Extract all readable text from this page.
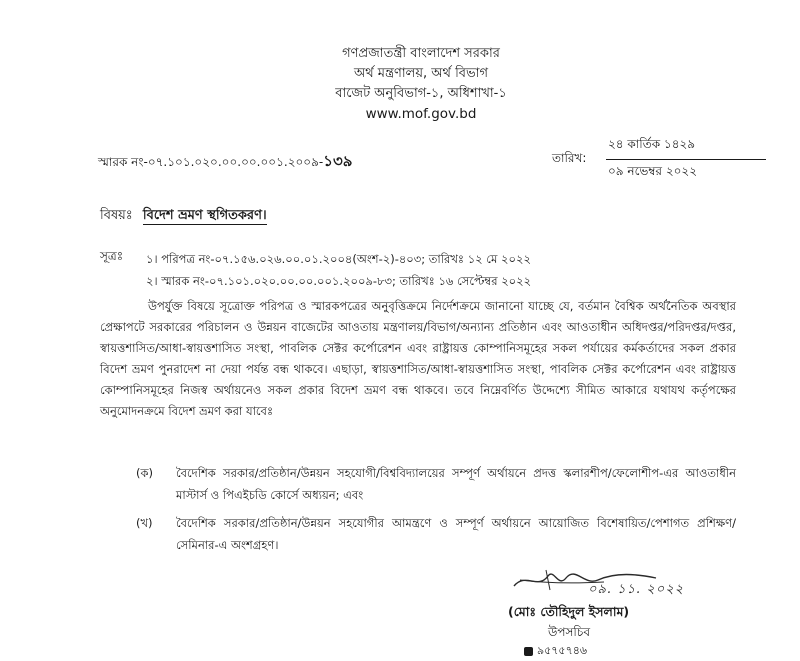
গণপ্রজাতন্ত্রী বাংলাদেশ সরকার
অর্থ মন্ত্রণালয়, অর্থ বিভাগ
বাজেট অনুবিভাগ-১, অধিশাখা-১
www.mof.gov.bd
স্মারক নং-০৭.১০১.০২০.০০.০০.০০১.২০০৯-১৩৯	তারিখ:
২৪ কার্তিক ১৪২৯
০৯ নভেম্বর ২০২২
বিষয়ঃ বিদেশ ভ্রমণ স্থগিতকরণ।
সূত্রঃ ১। পরিপত্র নং-০৭.১৫৬.০২৬.০০.০১.২০০৪(অংশ-২)-৪০৩; তারিখঃ ১২ মে ২০২২
২। স্মারক নং-০৭.১০১.০২০.০০.০০.০০১.২০০৯-৮৩; তারিখঃ ১৬ সেপ্টেম্বর ২০২২
উপর্যুক্ত বিষয়ে সূত্রোক্ত পরিপত্র ও স্মারকপত্রের অনুবৃত্তিক্রমে নির্দেশক্রমে জানানো যাচ্ছে যে, বর্তমান বৈশ্বিক অর্থনৈতিক অবস্থার প্রেক্ষাপটে সরকারের পরিচালন ও উন্নয়ন বাজেটের আওতায় মন্ত্রণালয়/বিভাগ/অন্যান্য প্রতিষ্ঠান এবং আওতাধীন অধিদপ্তর/পরিদপ্তর/দপ্তর, স্বায়ত্তশাসিত/আধা-স্বায়ত্তশাসিত সংস্থা, পাবলিক সেক্টর কর্পোরেশন এবং রাষ্ট্রায়ত্ত কোম্পানিসমূহের সকল পর্যায়ের কর্মকর্তাদের সকল প্রকার বিদেশ ভ্রমণ পুনরাদেশ না দেয়া পর্যন্ত বন্ধ থাকবে। এছাড়া, স্বায়ত্তশাসিত/আধা-স্বায়ত্তশাসিত সংস্থা, পাবলিক সেক্টর কর্পোরেশন এবং রাষ্ট্রায়ত্ত কোম্পানিসমূহের নিজস্ব অর্থায়নেও সকল প্রকার বিদেশ ভ্রমণ বন্ধ থাকবে। তবে নিম্নেবর্ণিত উদ্দেশ্যে সীমিত আকারে যথাযথ কর্তৃপক্ষের অনুমোদনক্রমে বিদেশ ভ্রমণ করা যাবেঃ
(ক) বৈদেশিক সরকার/প্রতিষ্ঠান/উন্নয়ন সহযোগী/বিশ্ববিদ্যালয়ের সম্পূর্ণ অর্থায়নে প্রদত্ত স্কলারশীপ/ফেলোশীপ-এর আওতাধীন মাস্টার্স ও পিএইচডি কোর্সে অধ্যয়ন; এবং
(খ) বৈদেশিক সরকার/প্রতিষ্ঠান/উন্নয়ন সহযোগীর আমন্ত্রণে ও সম্পূর্ণ অর্থায়নে আয়োজিত বিশেষায়িত/পেশাগত প্রশিক্ষণ/সেমিনার-এ অংশগ্রহণ।
০৯. ১১. ২০২২
(মোঃ তৌহিদুল ইসলাম)
উপসচিব
৯৫৭৫৭৪৬
